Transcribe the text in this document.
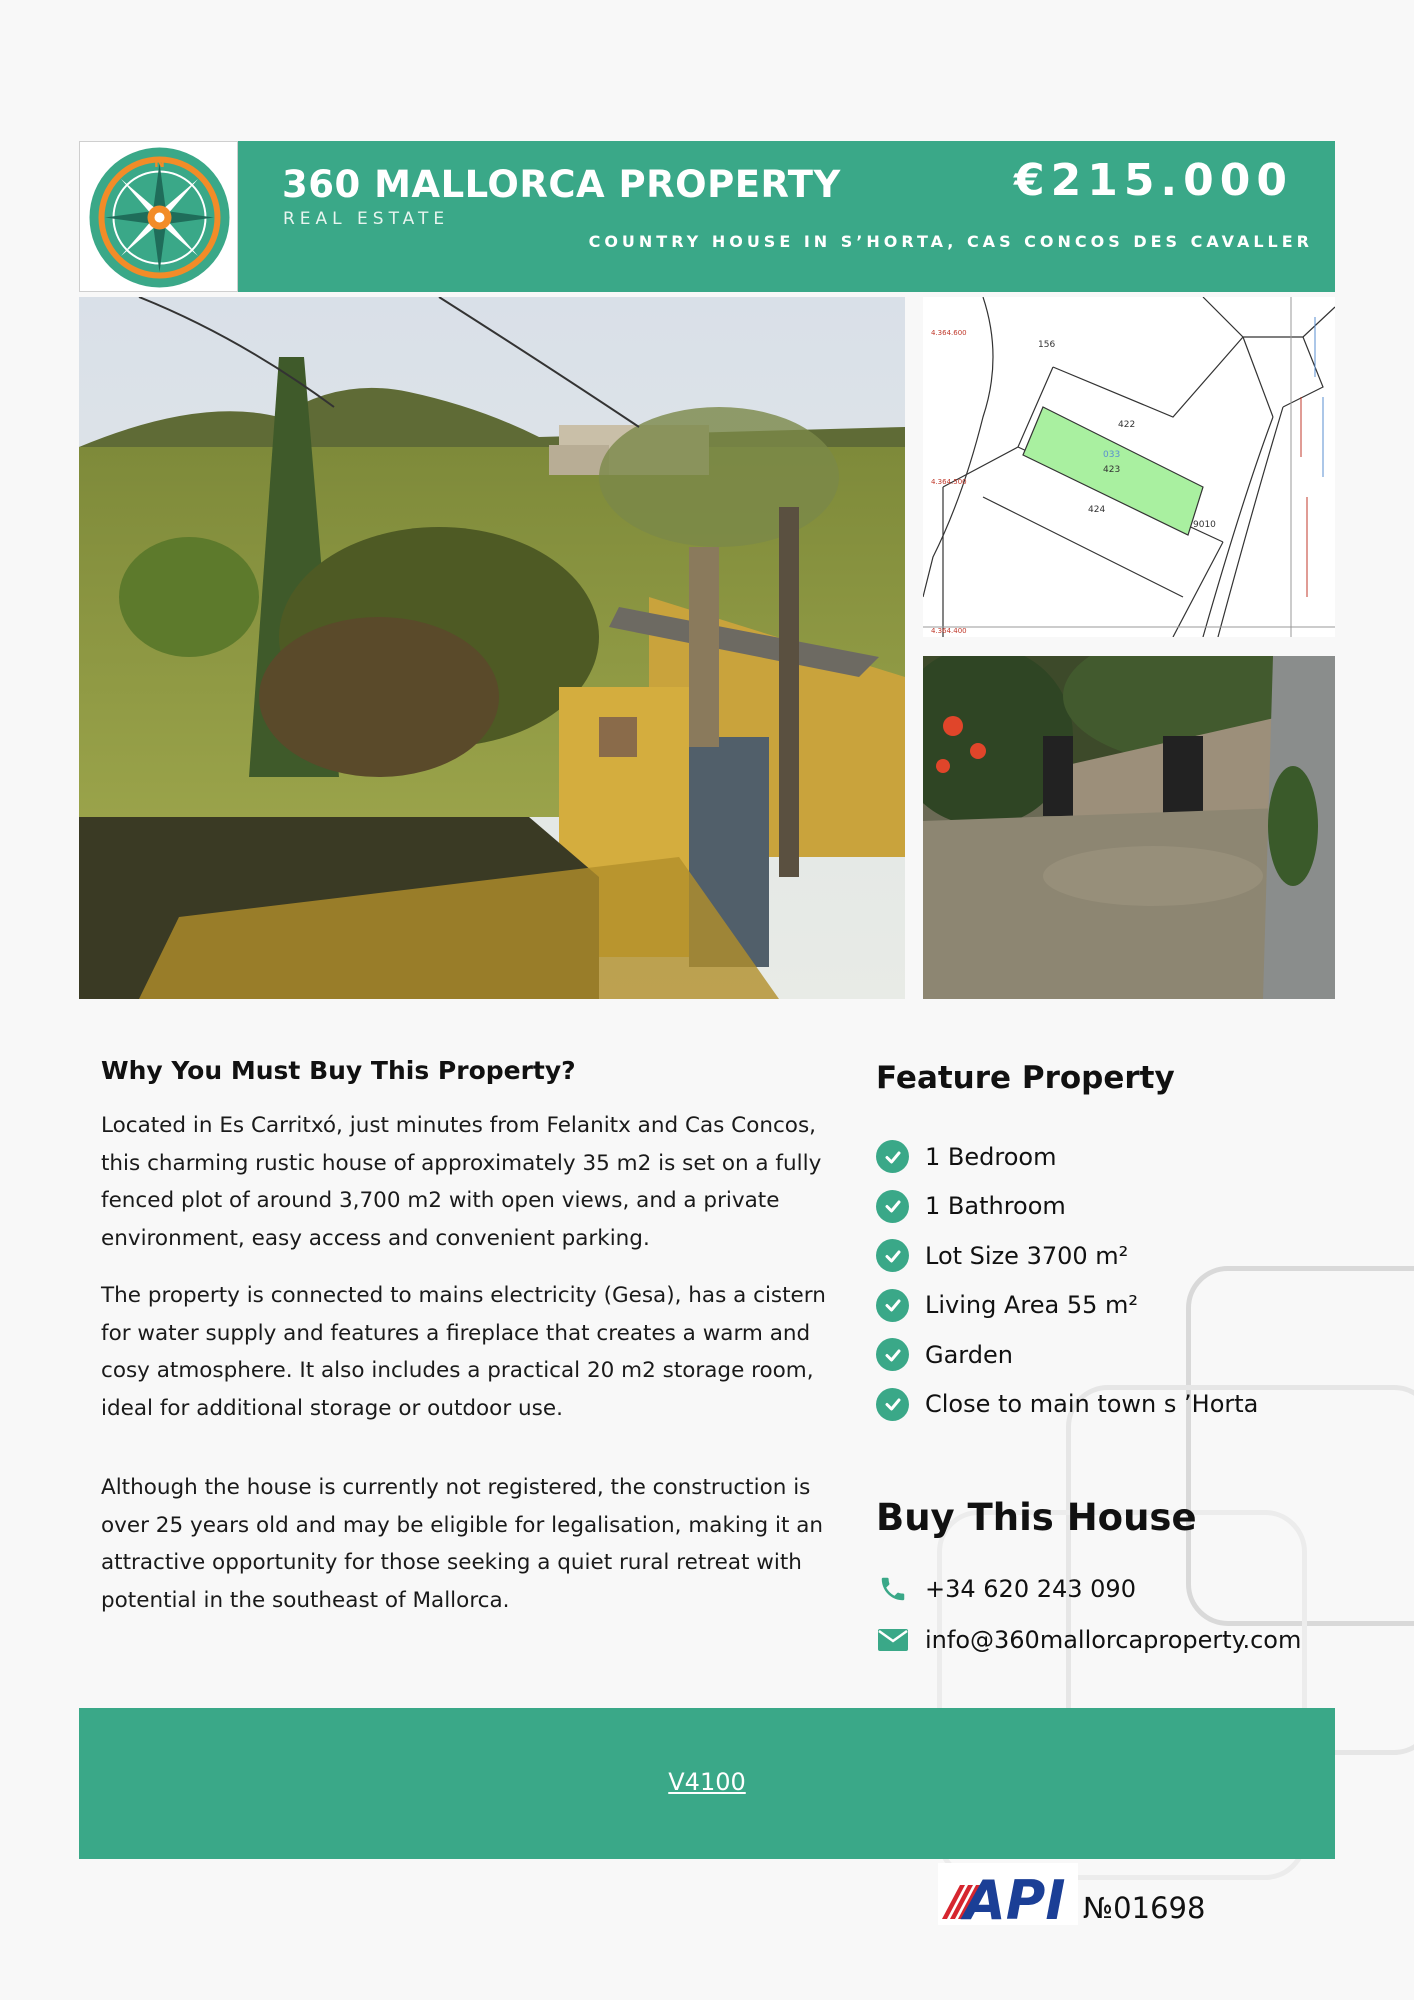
N	360 MALLORCA PROPERTY
REAL ESTATE
€215.000
COUNTRY HOUSE IN S’HORTA, CAS CONCOS DES CAVALLER
156
422
423
033
424
9010
4.364.600
4.364.500
4.364.400
Why You Must Buy This Property?

Located in Es Carritxó, just minutes from Felanitx and Cas Concos, this charming rustic house of approximately 35 m2 is set on a fully fenced plot of around 3,700 m2 with open views, and a private environment, easy access and convenient parking.

The property is connected to mains electricity (Gesa), has a cistern for water supply and features a fireplace that creates a warm and cosy atmosphere. It also includes a practical 20 m2 storage room, ideal for additional storage or outdoor use.

Although the house is currently not registered, the construction is over 25 years old and may be eligible for legalisation, making it an attractive opportunity for those seeking a quiet rural retreat with potential in the southeast of Mallorca.

Feature Property
1 Bedroom
1 Bathroom
Lot Size 3700 m²
Living Area 55 m²
Garden
Close to main town s ’Horta
Buy This House
+34 620 243 090
info@360mallorcaproperty.com
V4100
API №01698
